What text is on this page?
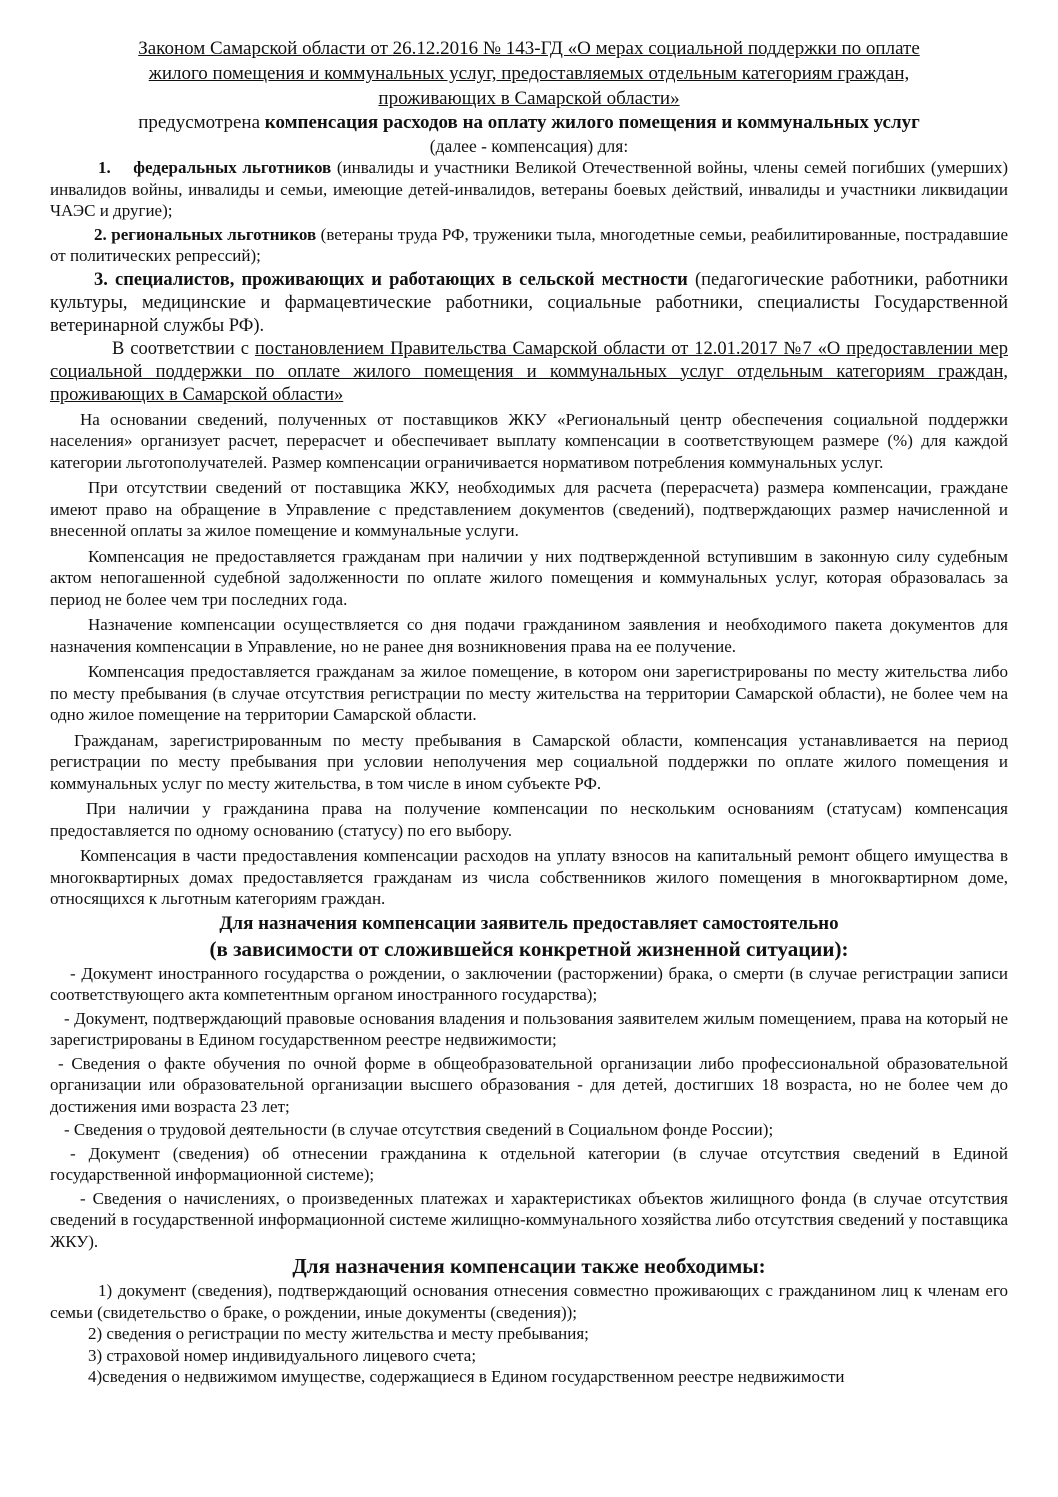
Законом Самарской области от 26.12.2016 № 143-ГД «О мерах социальной поддержки по оплате

жилого помещения и коммунальных услуг, предоставляемых отдельным категориям граждан,

проживающих в Самарской области»

предусмотрена компенсация расходов на оплату жилого помещения и коммунальных услуг

(далее - компенсация) для:

1. федеральных льготников (инвалиды и участники Великой Отечественной войны, члены семей погибших (умерших) инвалидов войны, инвалиды и семьи, имеющие детей-инвалидов, ветераны боевых действий, инвалиды и участники ликвидации ЧАЭС и другие);

2. региональных льготников (ветераны труда РФ, труженики тыла, многодетные семьи, реабилитированные, пострадавшие от политических репрессий);

3. специалистов, проживающих и работающих в сельской местности (педагогические работники, работники культуры, медицинские и фармацевтические работники, социальные работники, специалисты Государственной ветеринарной службы РФ).

В соответствии с постановлением Правительства Самарской области от 12.01.2017 №7 «О предоставлении мер социальной поддержки по оплате жилого помещения и коммунальных услуг отдельным категориям граждан, проживающих в Самарской области»

На основании сведений, полученных от поставщиков ЖКУ «Региональный центр обеспечения социальной поддержки населения» организует расчет, перерасчет и обеспечивает выплату компенсации в соответствующем размере (%) для каждой категории льготополучателей. Размер компенсации ограничивается нормативом потребления коммунальных услуг.

При отсутствии сведений от поставщика ЖКУ, необходимых для расчета (перерасчета) размера компенсации, граждане имеют право на обращение в Управление с представлением документов (сведений), подтверждающих размер начисленной и внесенной оплаты за жилое помещение и коммунальные услуги.

Компенсация не предоставляется гражданам при наличии у них подтвержденной вступившим в законную силу судебным актом непогашенной судебной задолженности по оплате жилого помещения и коммунальных услуг, которая образовалась за период не более чем три последних года.

Назначение компенсации осуществляется со дня подачи гражданином заявления и необходимого пакета документов для назначения компенсации в Управление, но не ранее дня возникновения права на ее получение.

Компенсация предоставляется гражданам за жилое помещение, в котором они зарегистрированы по месту жительства либо по месту пребывания (в случае отсутствия регистрации по месту жительства на территории Самарской области), не более чем на одно жилое помещение на территории Самарской области.

Гражданам, зарегистрированным по месту пребывания в Самарской области, компенсация устанавливается на период регистрации по месту пребывания при условии неполучения мер социальной поддержки по оплате жилого помещения и коммунальных услуг по месту жительства, в том числе в ином субъекте РФ.

При наличии у гражданина права на получение компенсации по нескольким основаниям (статусам) компенсация предоставляется по одному основанию (статусу) по его выбору.

Компенсация в части предоставления компенсации расходов на уплату взносов на капитальный ремонт общего имущества в многоквартирных домах предоставляется гражданам из числа собственников жилого помещения в многоквартирном доме, относящихся к льготным категориям граждан.

Для назначения компенсации заявитель предоставляет самостоятельно

(в зависимости от сложившейся конкретной жизненной ситуации):

- Документ иностранного государства о рождении, о заключении (расторжении) брака, о смерти (в случае регистрации записи соответствующего акта компетентным органом иностранного государства);

- Документ, подтверждающий правовые основания владения и пользования заявителем жилым помещением, права на который не зарегистрированы в Едином государственном реестре недвижимости;

- Сведения о факте обучения по очной форме в общеобразовательной организации либо профессиональной образовательной организации или образовательной организации высшего образования - для детей, достигших 18 возраста, но не более чем до достижения ими возраста 23 лет;

- Сведения о трудовой деятельности (в случае отсутствия сведений в Социальном фонде России);

- Документ (сведения) об отнесении гражданина к отдельной категории (в случае отсутствия сведений в Единой государственной информационной системе);

- Сведения о начислениях, о произведенных платежах и характеристиках объектов жилищного фонда (в случае отсутствия сведений в государственной информационной системе жилищно-коммунального хозяйства либо отсутствия сведений у поставщика ЖКУ).

Для назначения компенсации также необходимы:

1) документ (сведения), подтверждающий основания отнесения совместно проживающих с гражданином лиц к членам его семьи (свидетельство о браке, о рождении, иные документы (сведения));

2) сведения о регистрации по месту жительства и месту пребывания;

3) страховой номер индивидуального лицевого счета;

4)сведения о недвижимом имуществе, содержащиеся в Едином государственном реестре недвижимости
